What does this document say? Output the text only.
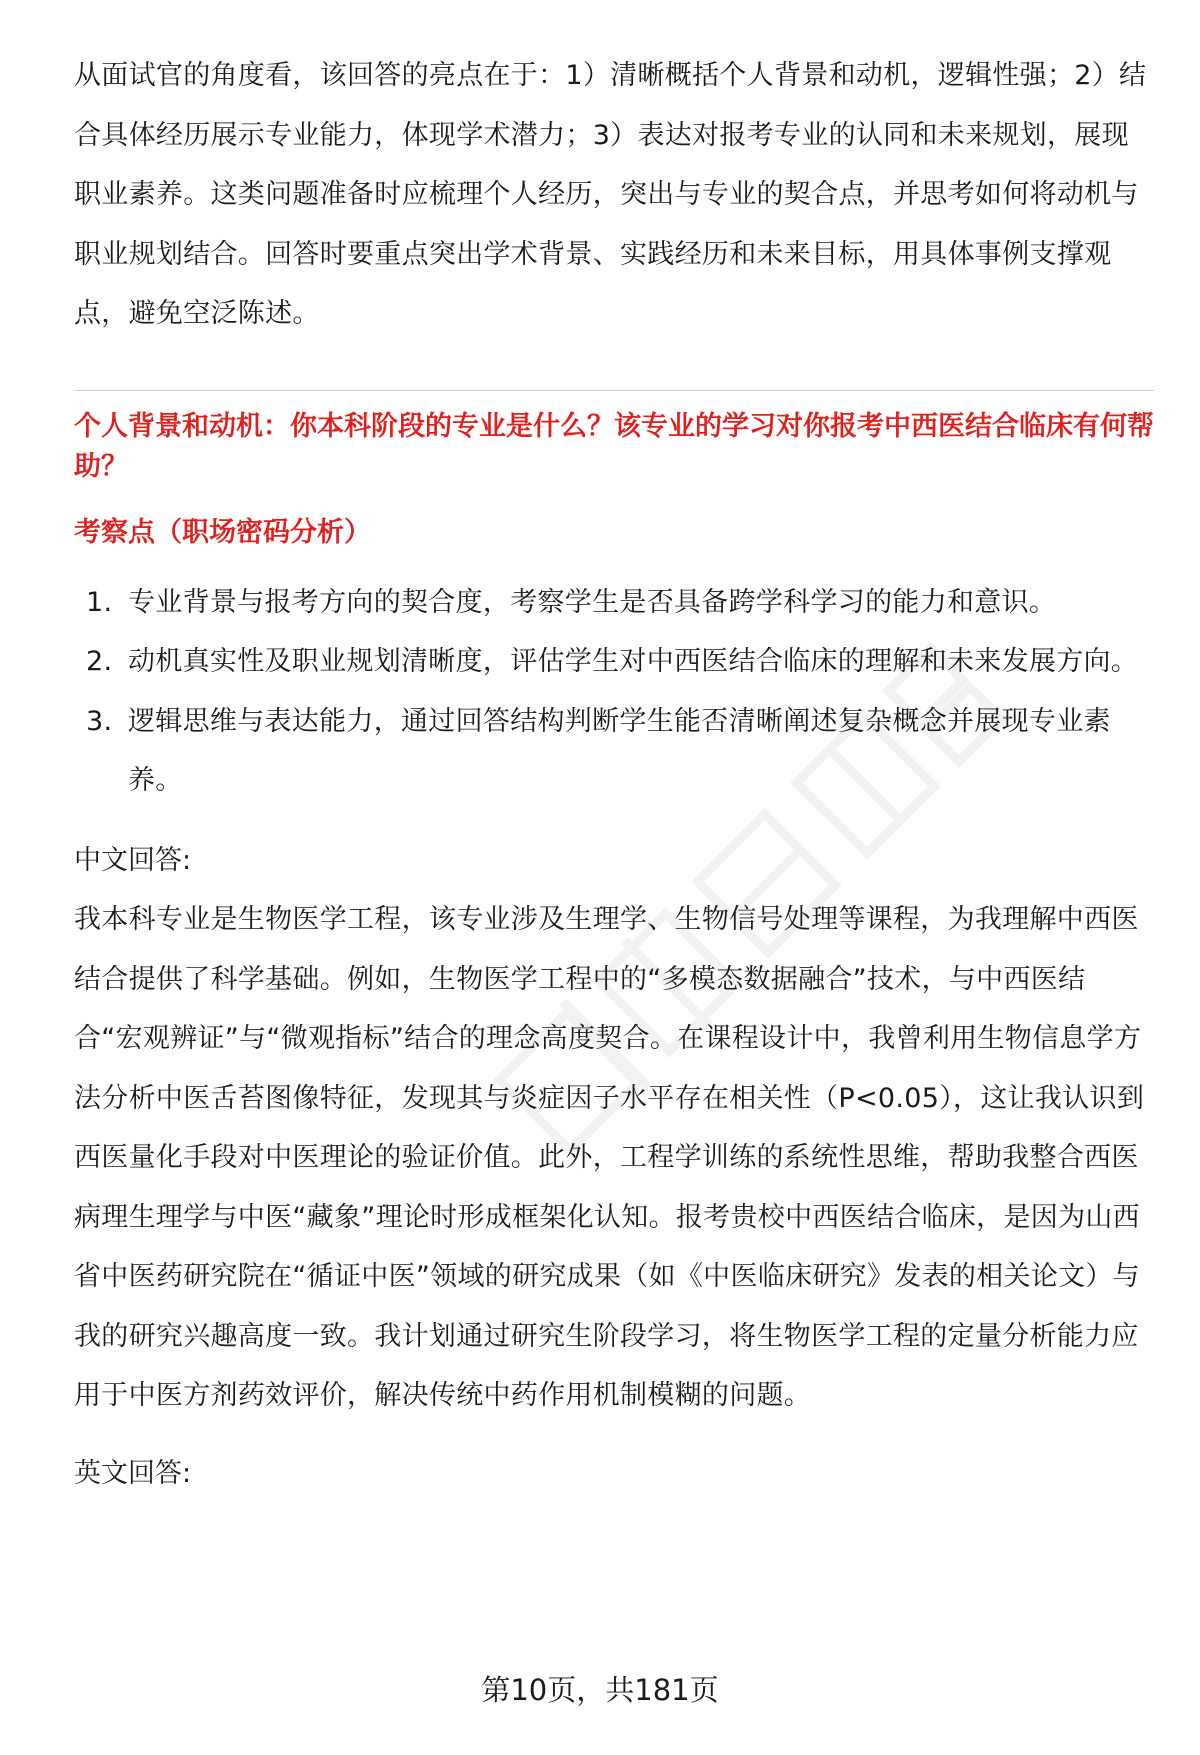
从面试官的角度看，该回答的亮点在于：1）清晰概括个人背景和动机，逻辑性强；2）结合具体经历展示专业能力，体现学术潜力；3）表达对报考专业的认同和未来规划，展现职业素养。这类问题准备时应梳理个人经历，突出与专业的契合点，并思考如何将动机与职业规划结合。回答时要重点突出学术背景、实践经历和未来目标，用具体事例支撑观点，避免空泛陈述。

个人背景和动机：你本科阶段的专业是什么？该专业的学习对你报考中西医结合临床有何帮助？

考察点（职场密码分析）

1. 专业背景与报考方向的契合度，考察学生是否具备跨学科学习的能力和意识。
2. 动机真实性及职业规划清晰度，评估学生对中西医结合临床的理解和未来发展方向。
3. 逻辑思维与表达能力，通过回答结构判断学生能否清晰阐述复杂概念并展现专业素养。

中文回答:

我本科专业是生物医学工程，该专业涉及生理学、生物信号处理等课程，为我理解中西医结合提供了科学基础。例如，生物医学工程中的“多模态数据融合”技术，与中西医结合“宏观辨证”与“微观指标”结合的理念高度契合。在课程设计中，我曾利用生物信息学方法分析中医舌苔图像特征，发现其与炎症因子水平存在相关性（P<0.05），这让我认识到西医量化手段对中医理论的验证价值。此外，工程学训练的系统性思维，帮助我整合西医病理生理学与中医“藏象”理论时形成框架化认知。报考贵校中西医结合临床，是因为山西省中医药研究院在“循证中医”领域的研究成果（如《中医临床研究》发表的相关论文）与我的研究兴趣高度一致。我计划通过研究生阶段学习，将生物医学工程的定量分析能力应用于中医方剂药效评价，解决传统中药作用机制模糊的问题。

英文回答:

第10页，共181页
